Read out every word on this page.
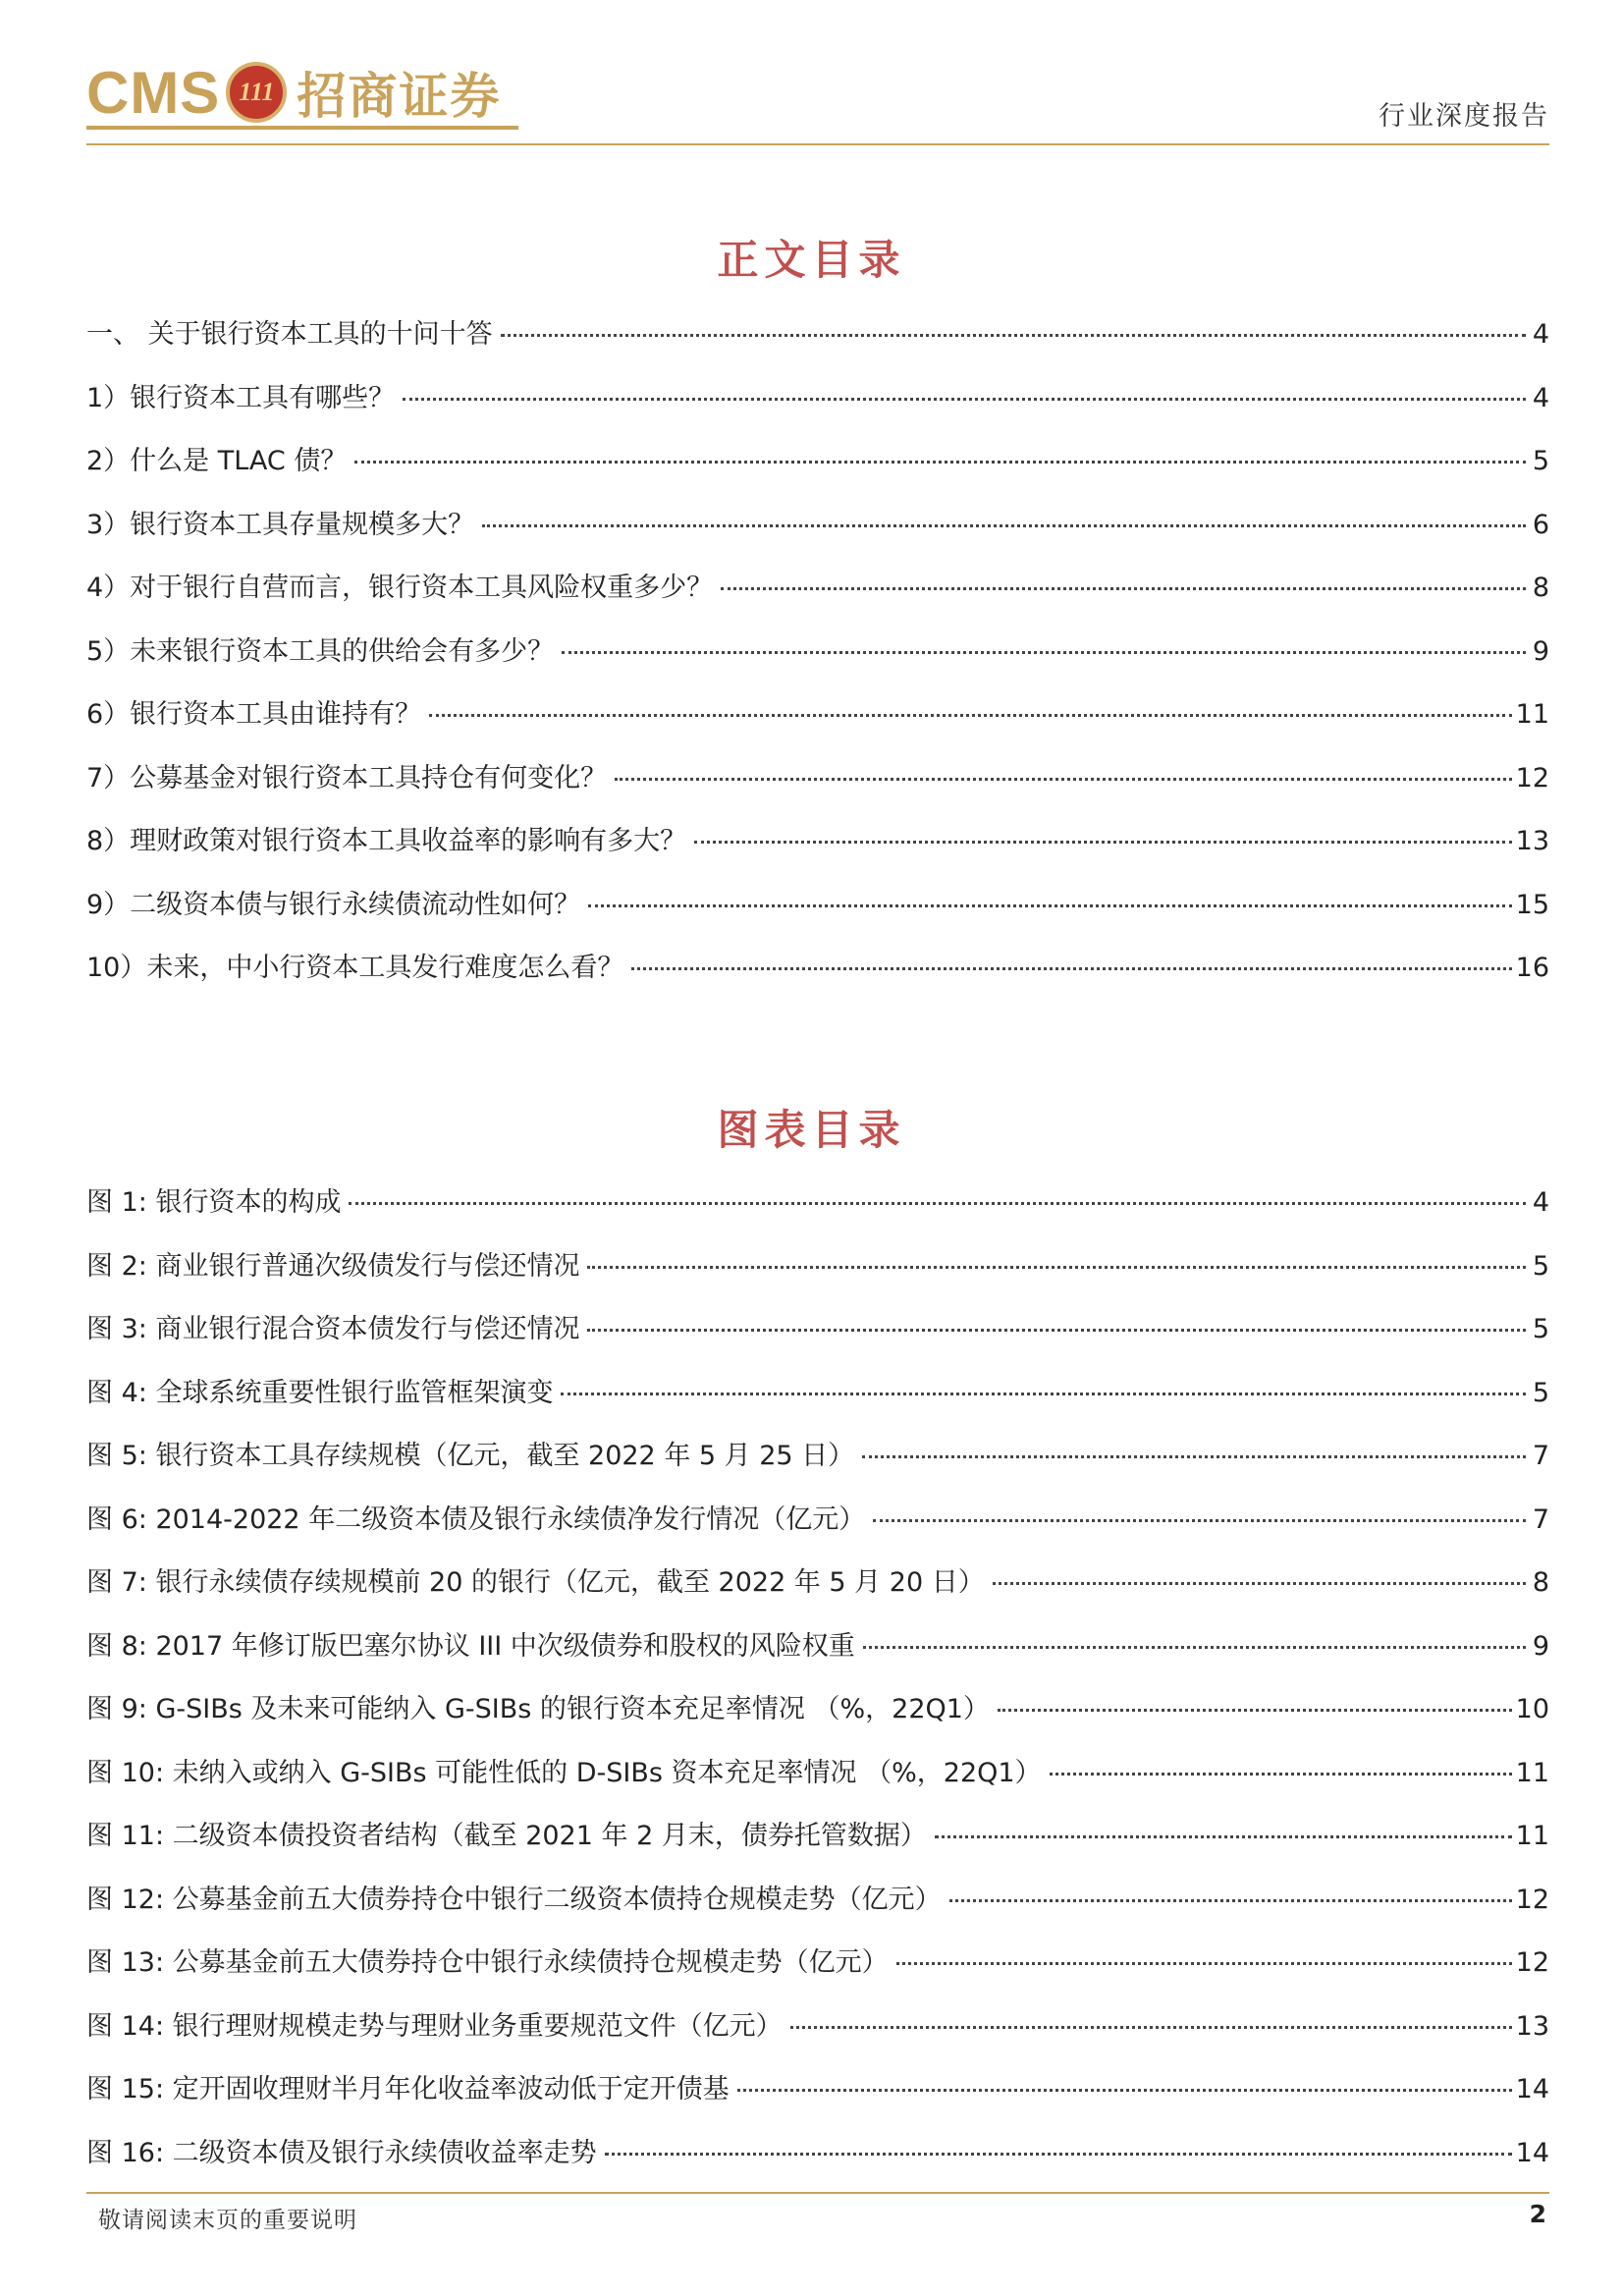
CMS 111 招商证券	行业深度报告
正文目录
一、 关于银行资本工具的十问十答	4
1）银行资本工具有哪些？	4
2）什么是 TLAC 债？	5
3）银行资本工具存量规模多大？	6
4）对于银行自营而言，银行资本工具风险权重多少？	8
5）未来银行资本工具的供给会有多少？	9
6）银行资本工具由谁持有？	11
7）公募基金对银行资本工具持仓有何变化？	12
8）理财政策对银行资本工具收益率的影响有多大？	13
9）二级资本债与银行永续债流动性如何？	15
10）未来，中小行资本工具发行难度怎么看？	16
图表目录
图 1: 银行资本的构成	4
图 2: 商业银行普通次级债发行与偿还情况	5
图 3: 商业银行混合资本债发行与偿还情况	5
图 4: 全球系统重要性银行监管框架演变	5
图 5: 银行资本工具存续规模（亿元，截至 2022 年 5 月 25 日）	7
图 6: 2014-2022 年二级资本债及银行永续债净发行情况（亿元）	7
图 7: 银行永续债存续规模前 20 的银行（亿元，截至 2022 年 5 月 20 日）	8
图 8: 2017 年修订版巴塞尔协议 III 中次级债券和股权的风险权重	9
图 9: G-SIBs 及未来可能纳入 G-SIBs 的银行资本充足率情况 （%，22Q1）	10
图 10: 未纳入或纳入 G-SIBs 可能性低的 D-SIBs 资本充足率情况 （%，22Q1）	11
图 11: 二级资本债投资者结构（截至 2021 年 2 月末，债券托管数据）	11
图 12: 公募基金前五大债券持仓中银行二级资本债持仓规模走势（亿元）	12
图 13: 公募基金前五大债券持仓中银行永续债持仓规模走势（亿元）	12
图 14: 银行理财规模走势与理财业务重要规范文件（亿元）	13
图 15: 定开固收理财半月年化收益率波动低于定开债基	14
图 16: 二级资本债及银行永续债收益率走势	14
敬请阅读末页的重要说明	2
